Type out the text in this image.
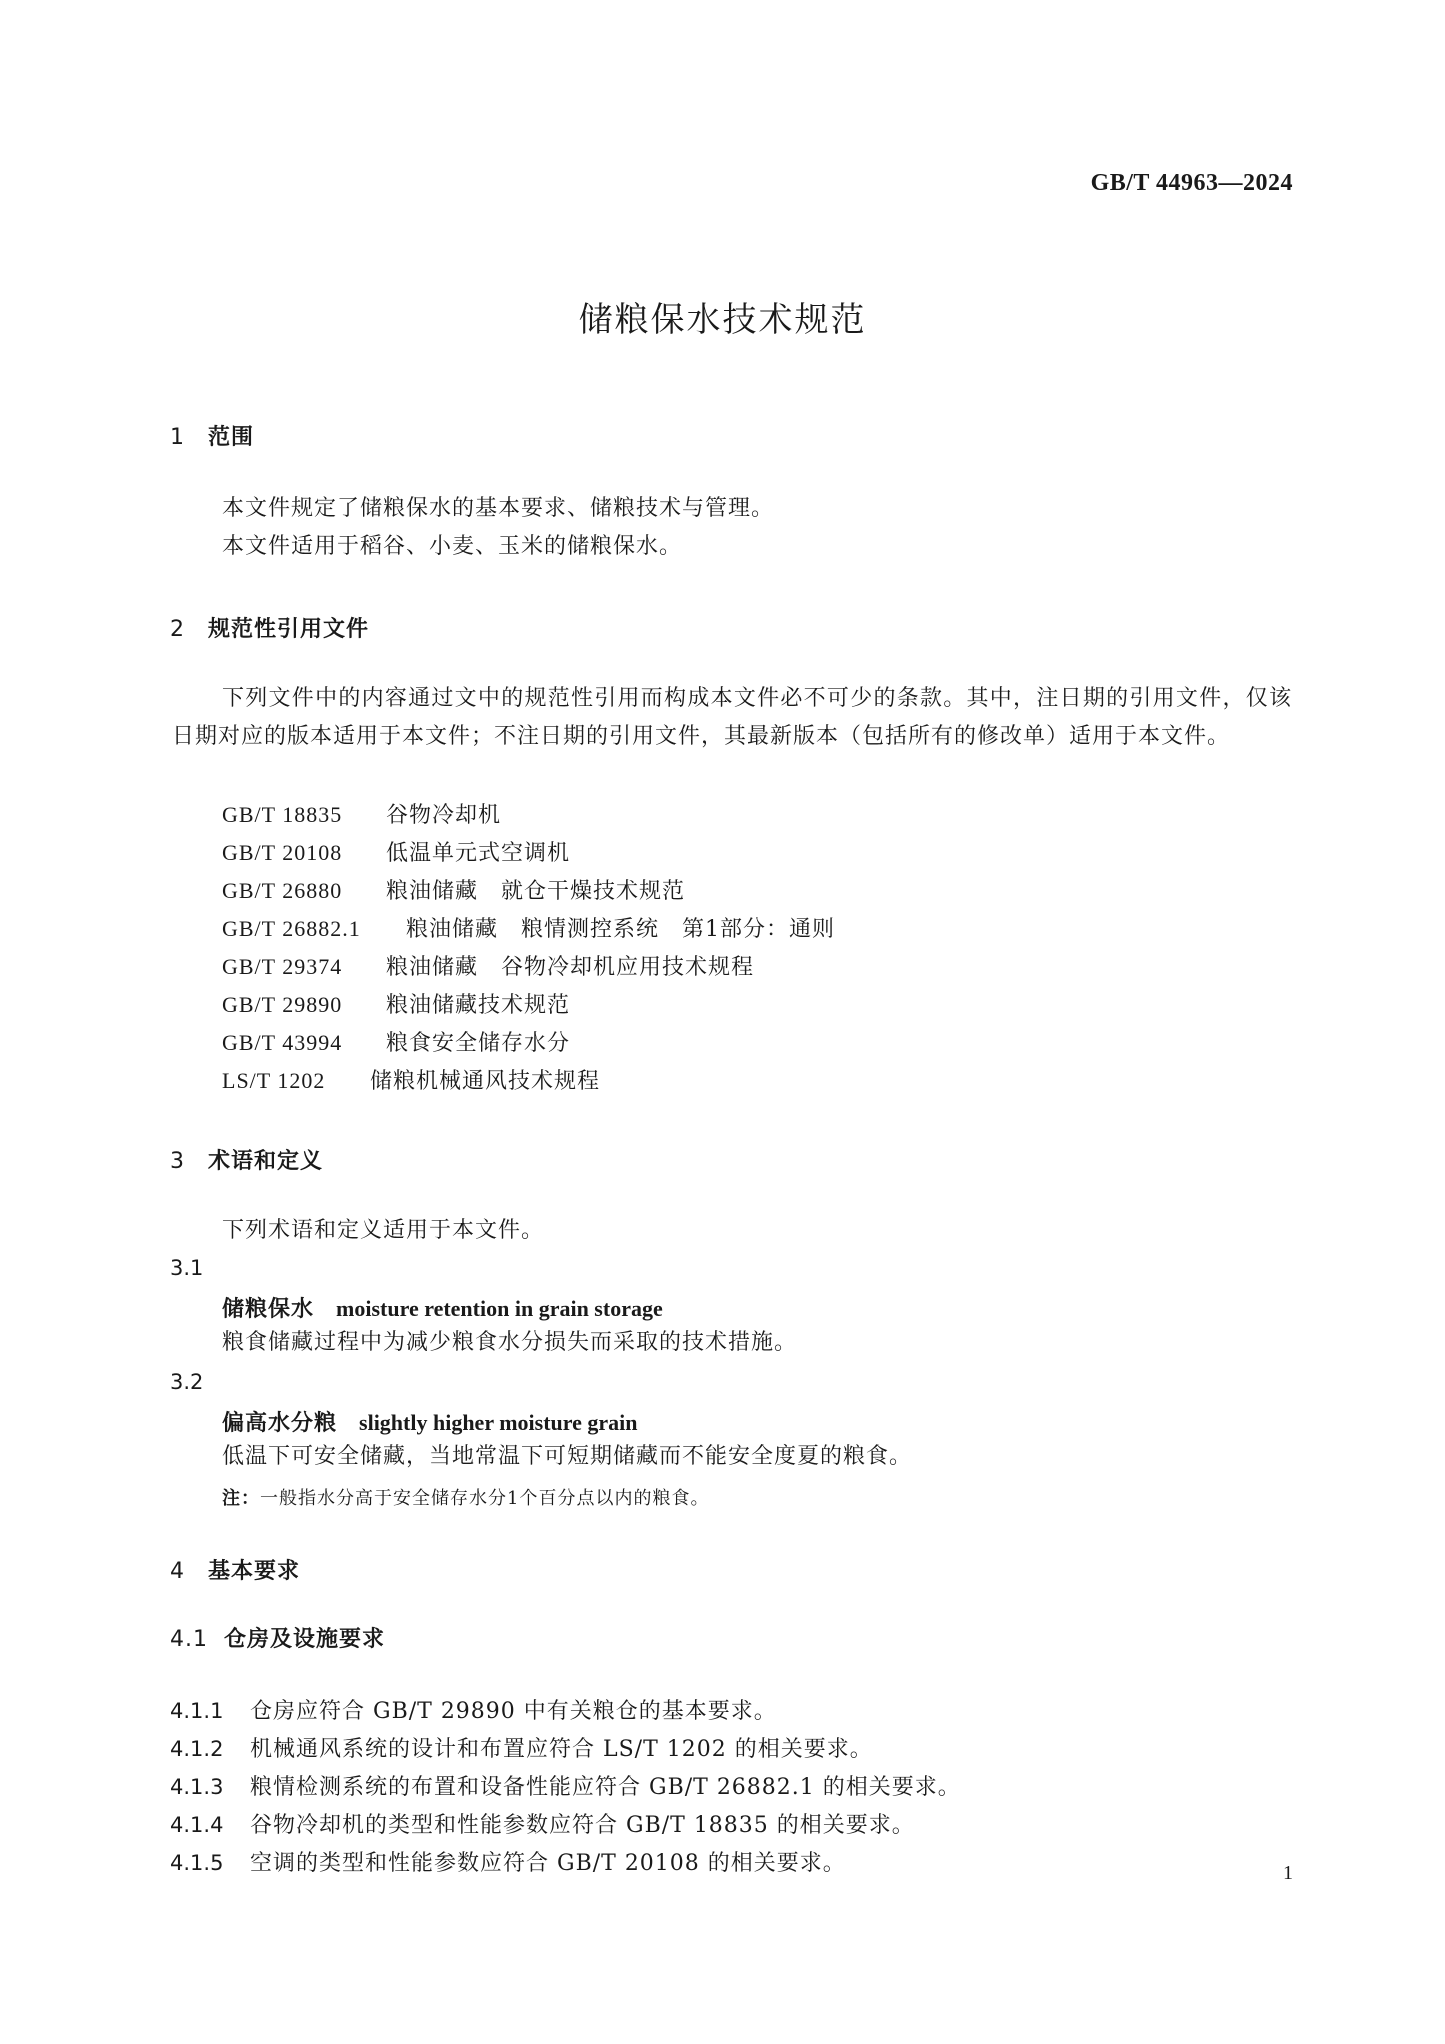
GB/T 44963—2024
储粮保水技术规范
1 范围
本文件规定了储粮保水的基本要求、储粮技术与管理。
本文件适用于稻谷、小麦、玉米的储粮保水。
2 规范性引用文件
下列文件中的内容通过文中的规范性引用而构成本文件必不可少的条款。其中，注日期的引用文件，仅该日期对应的版本适用于本文件；不注日期的引用文件，其最新版本（包括所有的修改单）适用于本文件。
GB/T 18835 谷物冷却机
GB/T 20108 低温单元式空调机
GB/T 26880 粮油储藏　就仓干燥技术规范
GB/T 26882.1 粮油储藏　粮情测控系统　第1部分：通则
GB/T 29374 粮油储藏　谷物冷却机应用技术规程
GB/T 29890 粮油储藏技术规范
GB/T 43994 粮食安全储存水分
LS/T 1202 储粮机械通风技术规程
3 术语和定义
下列术语和定义适用于本文件。
3.1
储粮保水 moisture retention in grain storage
粮食储藏过程中为减少粮食水分损失而采取的技术措施。
3.2
偏高水分粮 slightly higher moisture grain
低温下可安全储藏，当地常温下可短期储藏而不能安全度夏的粮食。
注：一般指水分高于安全储存水分1个百分点以内的粮食。
4 基本要求
4.1 仓房及设施要求
4.1.1 仓房应符合 GB/T 29890 中有关粮仓的基本要求。
4.1.2 机械通风系统的设计和布置应符合 LS/T 1202 的相关要求。
4.1.3 粮情检测系统的布置和设备性能应符合 GB/T 26882.1 的相关要求。
4.1.4 谷物冷却机的类型和性能参数应符合 GB/T 18835 的相关要求。
4.1.5 空调的类型和性能参数应符合 GB/T 20108 的相关要求。	1
